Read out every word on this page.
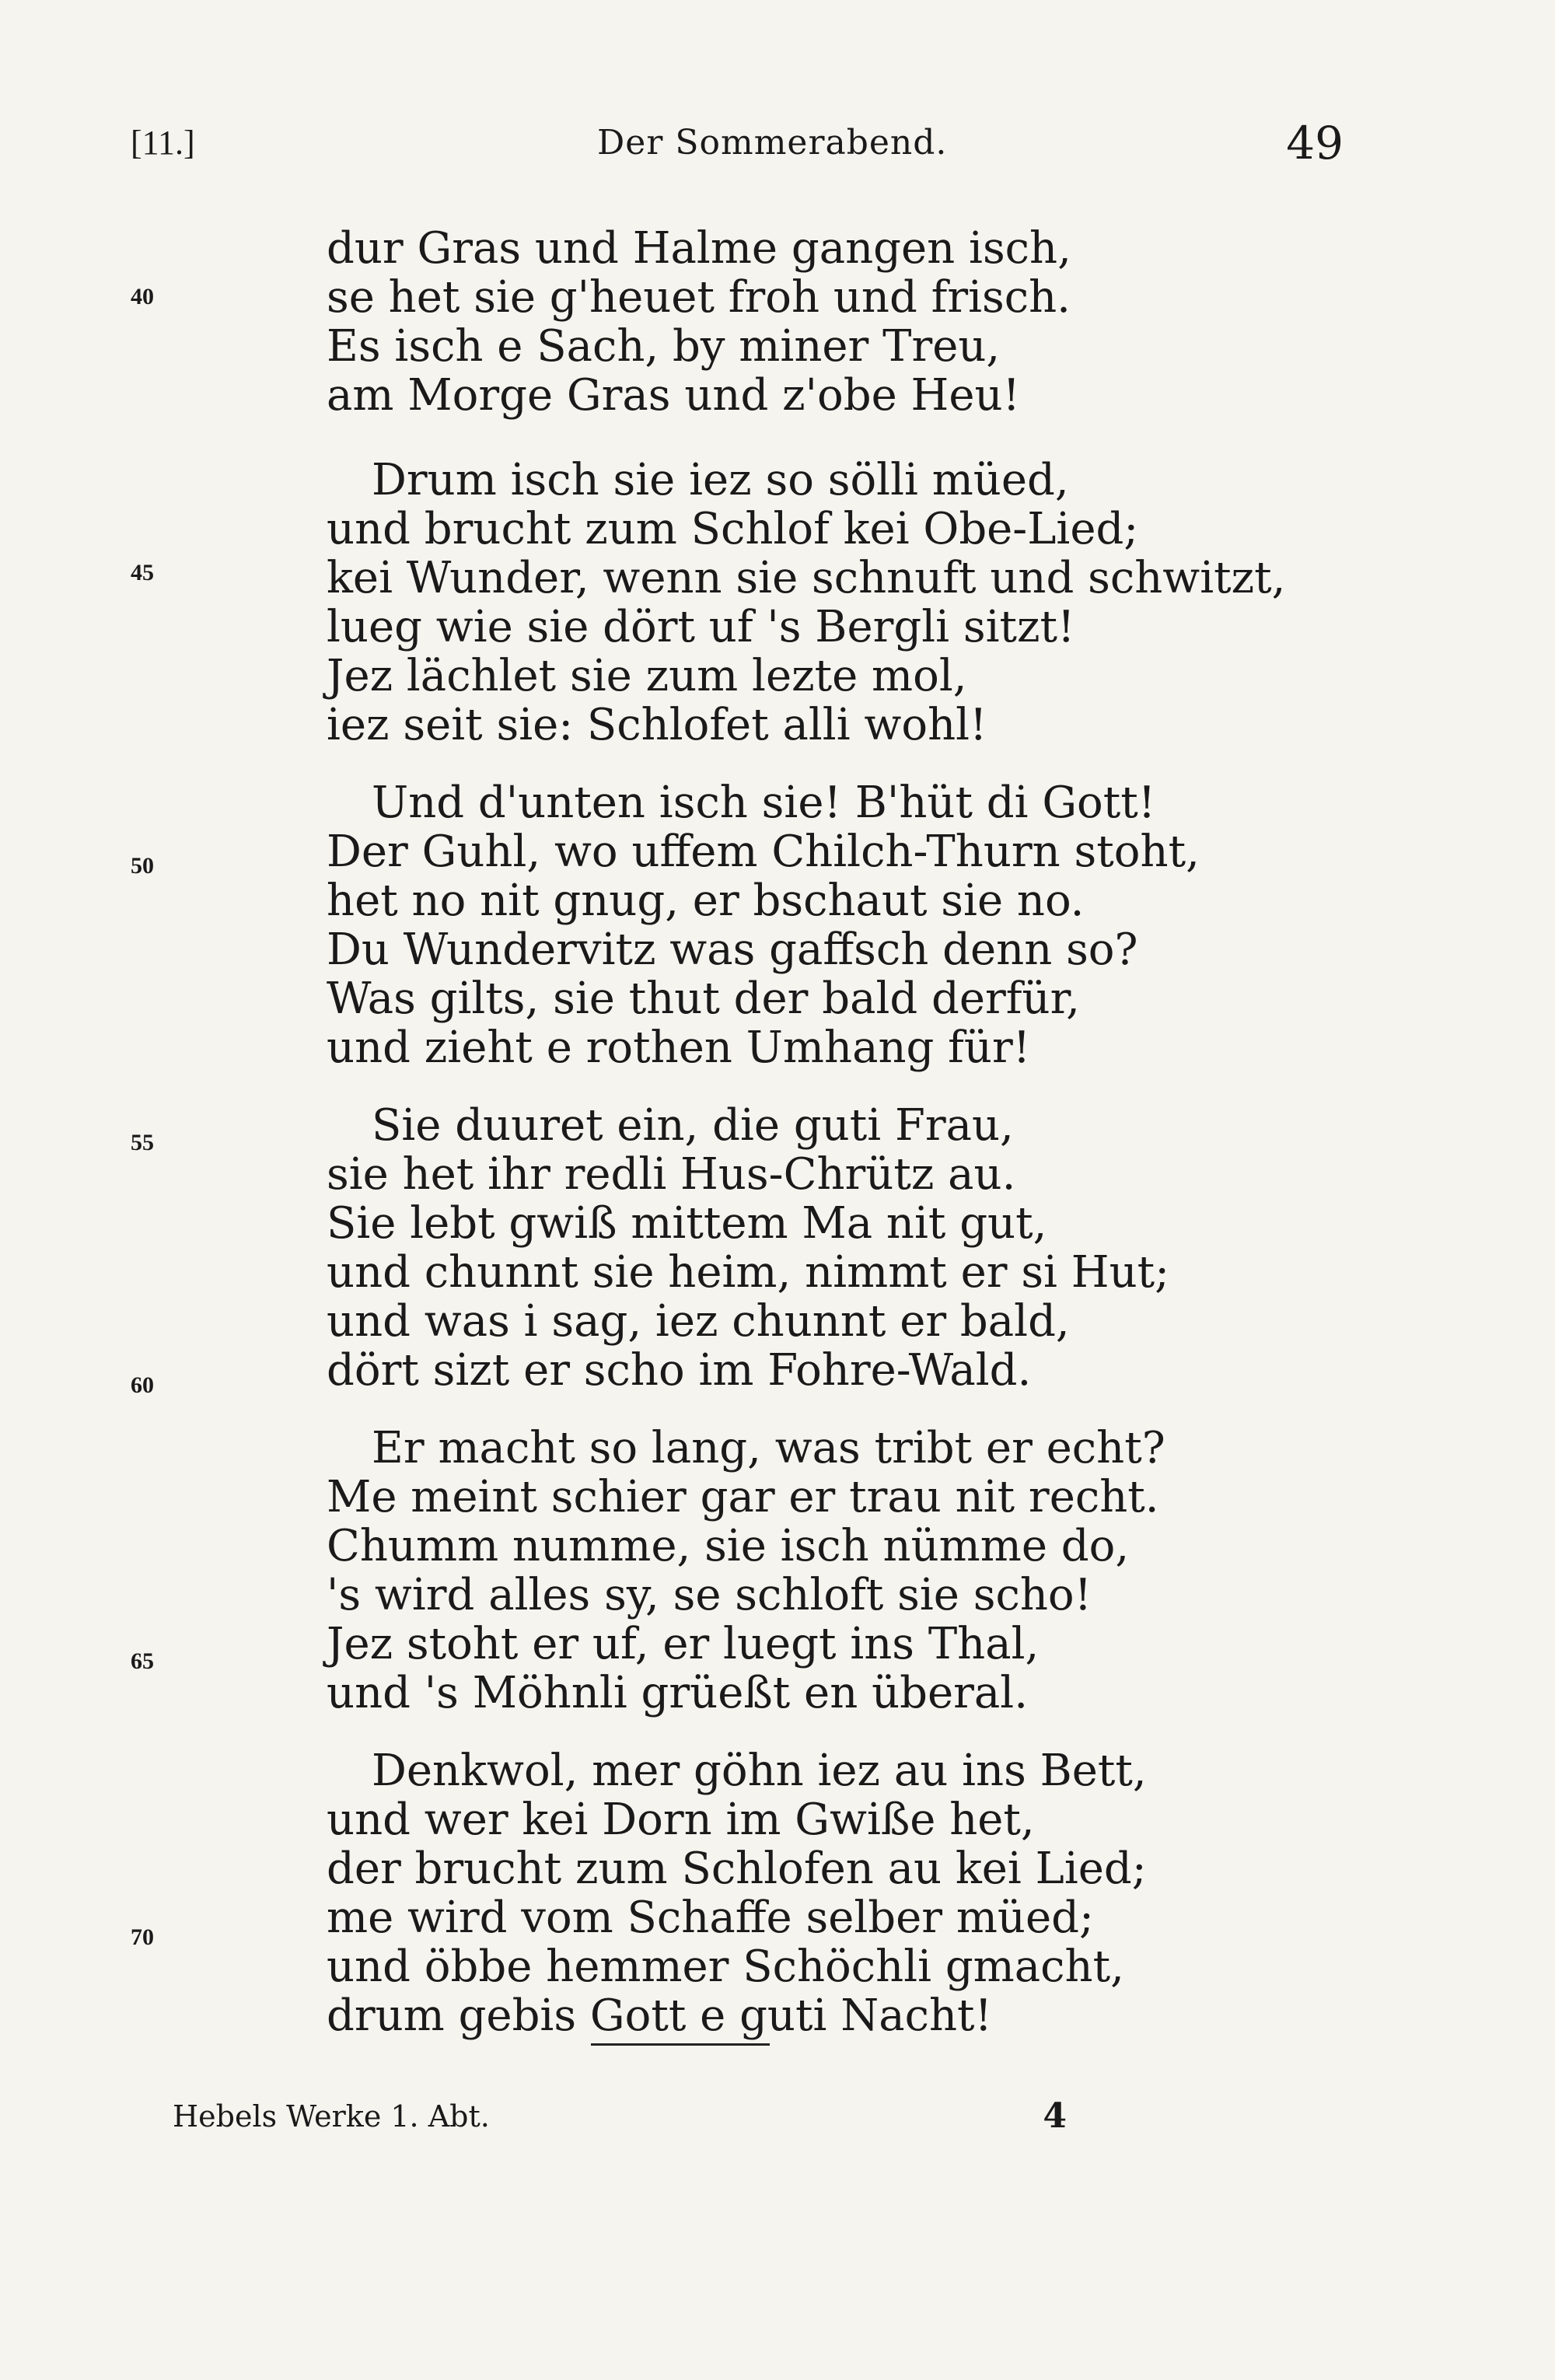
[11.]	Der Sommerabend.	49
dur Gras und Halme gangen isch,
se het sie g'heuet froh und frisch.
Es isch e Sach, by miner Treu,
am Morge Gras und z'obe Heu!
Drum isch sie iez so sölli müed,
und brucht zum Schlof kei Obe-Lied;
kei Wunder, wenn sie schnuft und schwitzt,
lueg wie sie dört uf 's Bergli sitzt!
Jez lächlet sie zum lezte mol,
iez seit sie: Schlofet alli wohl!
Und d'unten isch sie! B'hüt di Gott!
Der Guhl, wo uffem Chilch-Thurn stoht,
het no nit gnug, er bschaut sie no.
Du Wundervitz was gaffsch denn so?
Was gilts, sie thut der bald derfür,
und zieht e rothen Umhang für!
Sie duuret ein, die guti Frau,
sie het ihr redli Hus-Chrütz au.
Sie lebt gwiß mittem Ma nit gut,
und chunnt sie heim, nimmt er si Hut;
und was i sag, iez chunnt er bald,
dört sizt er scho im Fohre-Wald.
Er macht so lang, was tribt er echt?
Me meint schier gar er trau nit recht.
Chumm numme, sie isch nümme do,
's wird alles sy, se schloft sie scho!
Jez stoht er uf, er luegt ins Thal,
und 's Möhnli grüeßt en überal.
Denkwol, mer göhn iez au ins Bett,
und wer kei Dorn im Gwiße het,
der brucht zum Schlofen au kei Lied;
me wird vom Schaffe selber müed;
und öbbe hemmer Schöchli gmacht,
drum gebis Gott e guti Nacht!
40
45
50
55
60
65
70
Hebels Werke 1. Abt.	4
